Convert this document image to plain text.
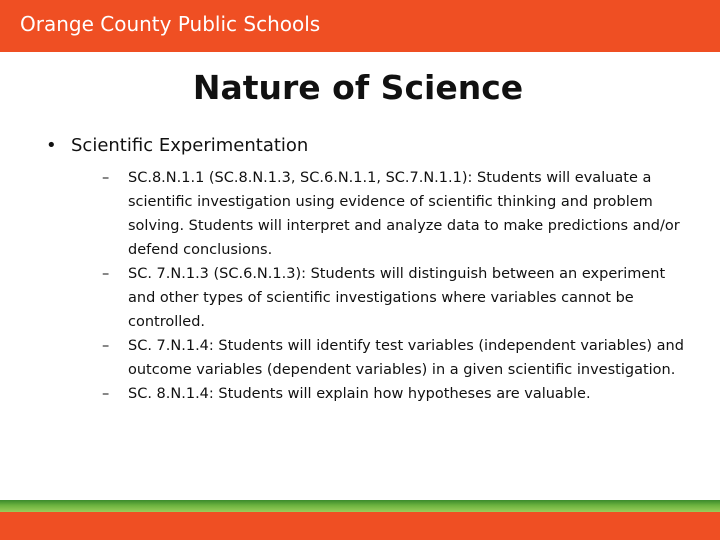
Orange County Public Schools
Nature of Science
• Scientific Experimentation
– SC.8.N.1.1 (SC.8.N.1.3, SC.6.N.1.1, SC.7.N.1.1): Students will evaluate a scientific investigation using evidence of scientific thinking and problem solving. Students will interpret and analyze data to make predictions and/or defend conclusions.
– SC. 7.N.1.3 (SC.6.N.1.3): Students will distinguish between an experiment and other types of scientific investigations where variables cannot be controlled.
– SC. 7.N.1.4: Students will identify test variables (independent variables) and outcome variables (dependent variables) in a given scientific investigation.
– SC. 8.N.1.4: Students will explain how hypotheses are valuable.
